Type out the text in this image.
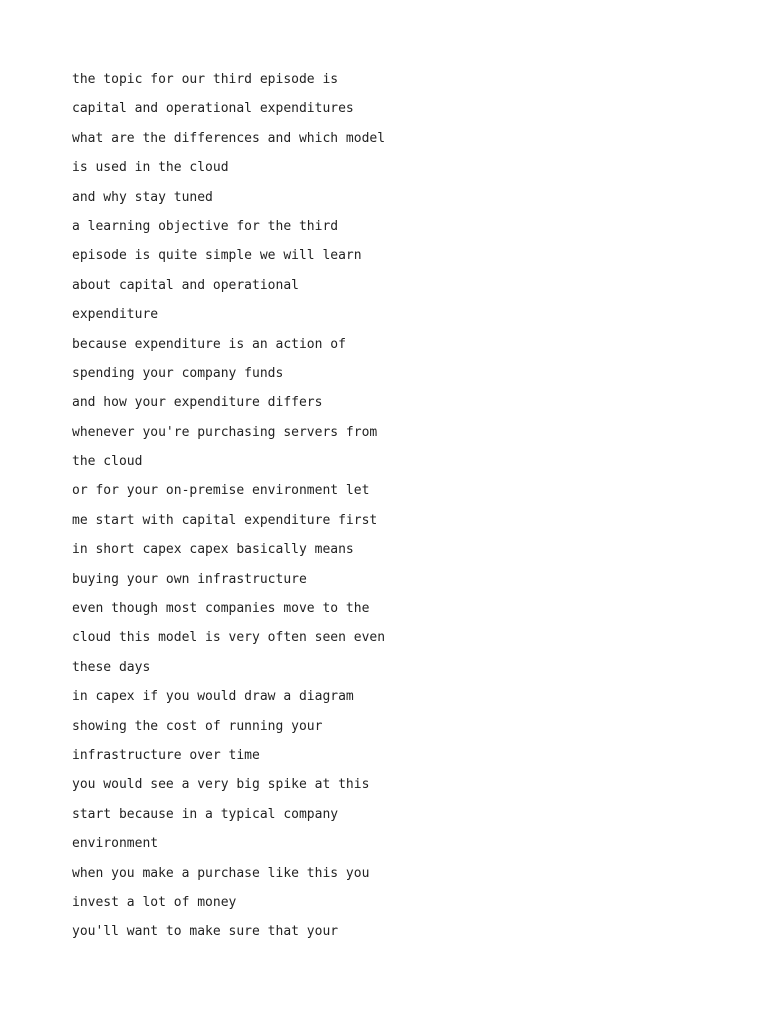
the topic for our third episode is
capital and operational expenditures
what are the differences and which model
is used in the cloud
and why stay tuned
a learning objective for the third
episode is quite simple we will learn
about capital and operational
expenditure
because expenditure is an action of
spending your company funds
and how your expenditure differs
whenever you're purchasing servers from
the cloud
or for your on-premise environment let
me start with capital expenditure first
in short capex capex basically means
buying your own infrastructure
even though most companies move to the
cloud this model is very often seen even
these days
in capex if you would draw a diagram
showing the cost of running your
infrastructure over time
you would see a very big spike at this
start because in a typical company
environment
when you make a purchase like this you
invest a lot of money
you'll want to make sure that your
